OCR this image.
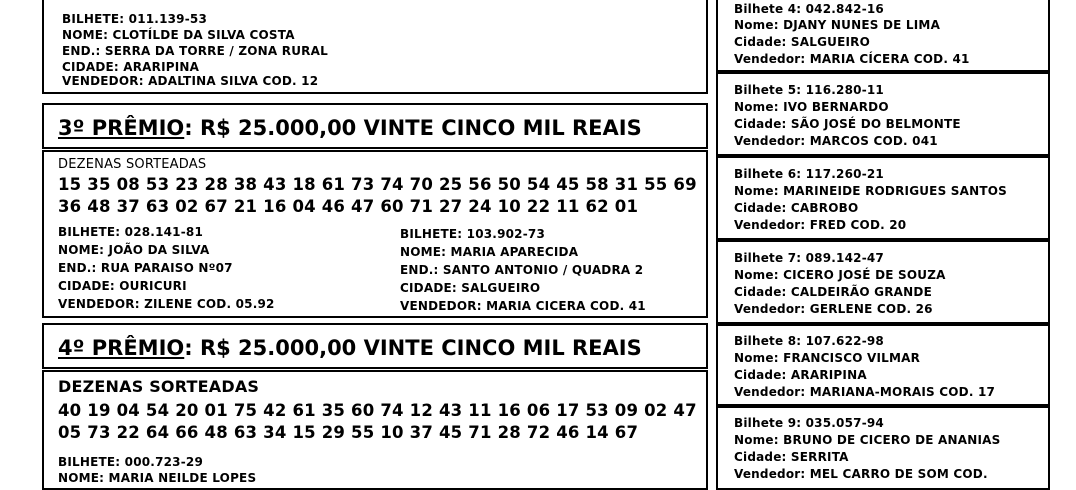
BILHETE: 011.139-53
NOME: CLOTÍLDE DA SILVA COSTA
END.: SERRA DA TORRE / ZONA RURAL
CIDADE: ARARIPINA
VENDEDOR: ADALTINA SILVA COD. 12
3º PRÊMIO: R$ 25.000,00 VINTE CINCO MIL REAIS
DEZENAS SORTEADAS
15 35 08 53 23 28 38 43 18 61 73 74 70 25 56 50 54 45 58 31 55 69
36 48 37 63 02 67 21 16 04 46 47 60 71 27 24 10 22 11 62 01
BILHETE: 028.141-81
NOME: JOÃO DA SILVA
END.: RUA PARAISO Nº07
CIDADE: OURICURI
VENDEDOR: ZILENE COD. 05.92
BILHETE: 103.902-73
NOME: MARIA APARECIDA
END.: SANTO ANTONIO / QUADRA 2
CIDADE: SALGUEIRO
VENDEDOR: MARIA CICERA COD. 41
4º PRÊMIO: R$ 25.000,00 VINTE CINCO MIL REAIS
DEZENAS SORTEADAS
40 19 04 54 20 01 75 42 61 35 60 74 12 43 11 16 06 17 53 09 02 47
05 73 22 64 66 48 63 34 15 29 55 10 37 45 71 28 72 46 14 67
BILHETE: 000.723-29
NOME: MARIA NEILDE LOPES
Bilhete 4: 042.842-16
Nome: DJANY NUNES DE LIMA
Cidade: SALGUEIRO
Vendedor: MARIA CÍCERA COD. 41
Bilhete 5: 116.280-11
Nome: IVO BERNARDO
Cidade: SÃO JOSÉ DO BELMONTE
Vendedor: MARCOS COD. 041
Bilhete 6: 117.260-21
Nome: MARINEIDE RODRIGUES SANTOS
Cidade: CABROBO
Vendedor: FRED COD. 20
Bilhete 7: 089.142-47
Nome: CICERO JOSÉ DE SOUZA
Cidade: CALDEIRÃO GRANDE
Vendedor: GERLENE COD. 26
Bilhete 8: 107.622-98
Nome: FRANCISCO VILMAR
Cidade: ARARIPINA
Vendedor: MARIANA-MORAIS COD. 17
Bilhete 9: 035.057-94
Nome: BRUNO DE CICERO DE ANANIAS
Cidade: SERRITA
Vendedor: MEL CARRO DE SOM COD.
